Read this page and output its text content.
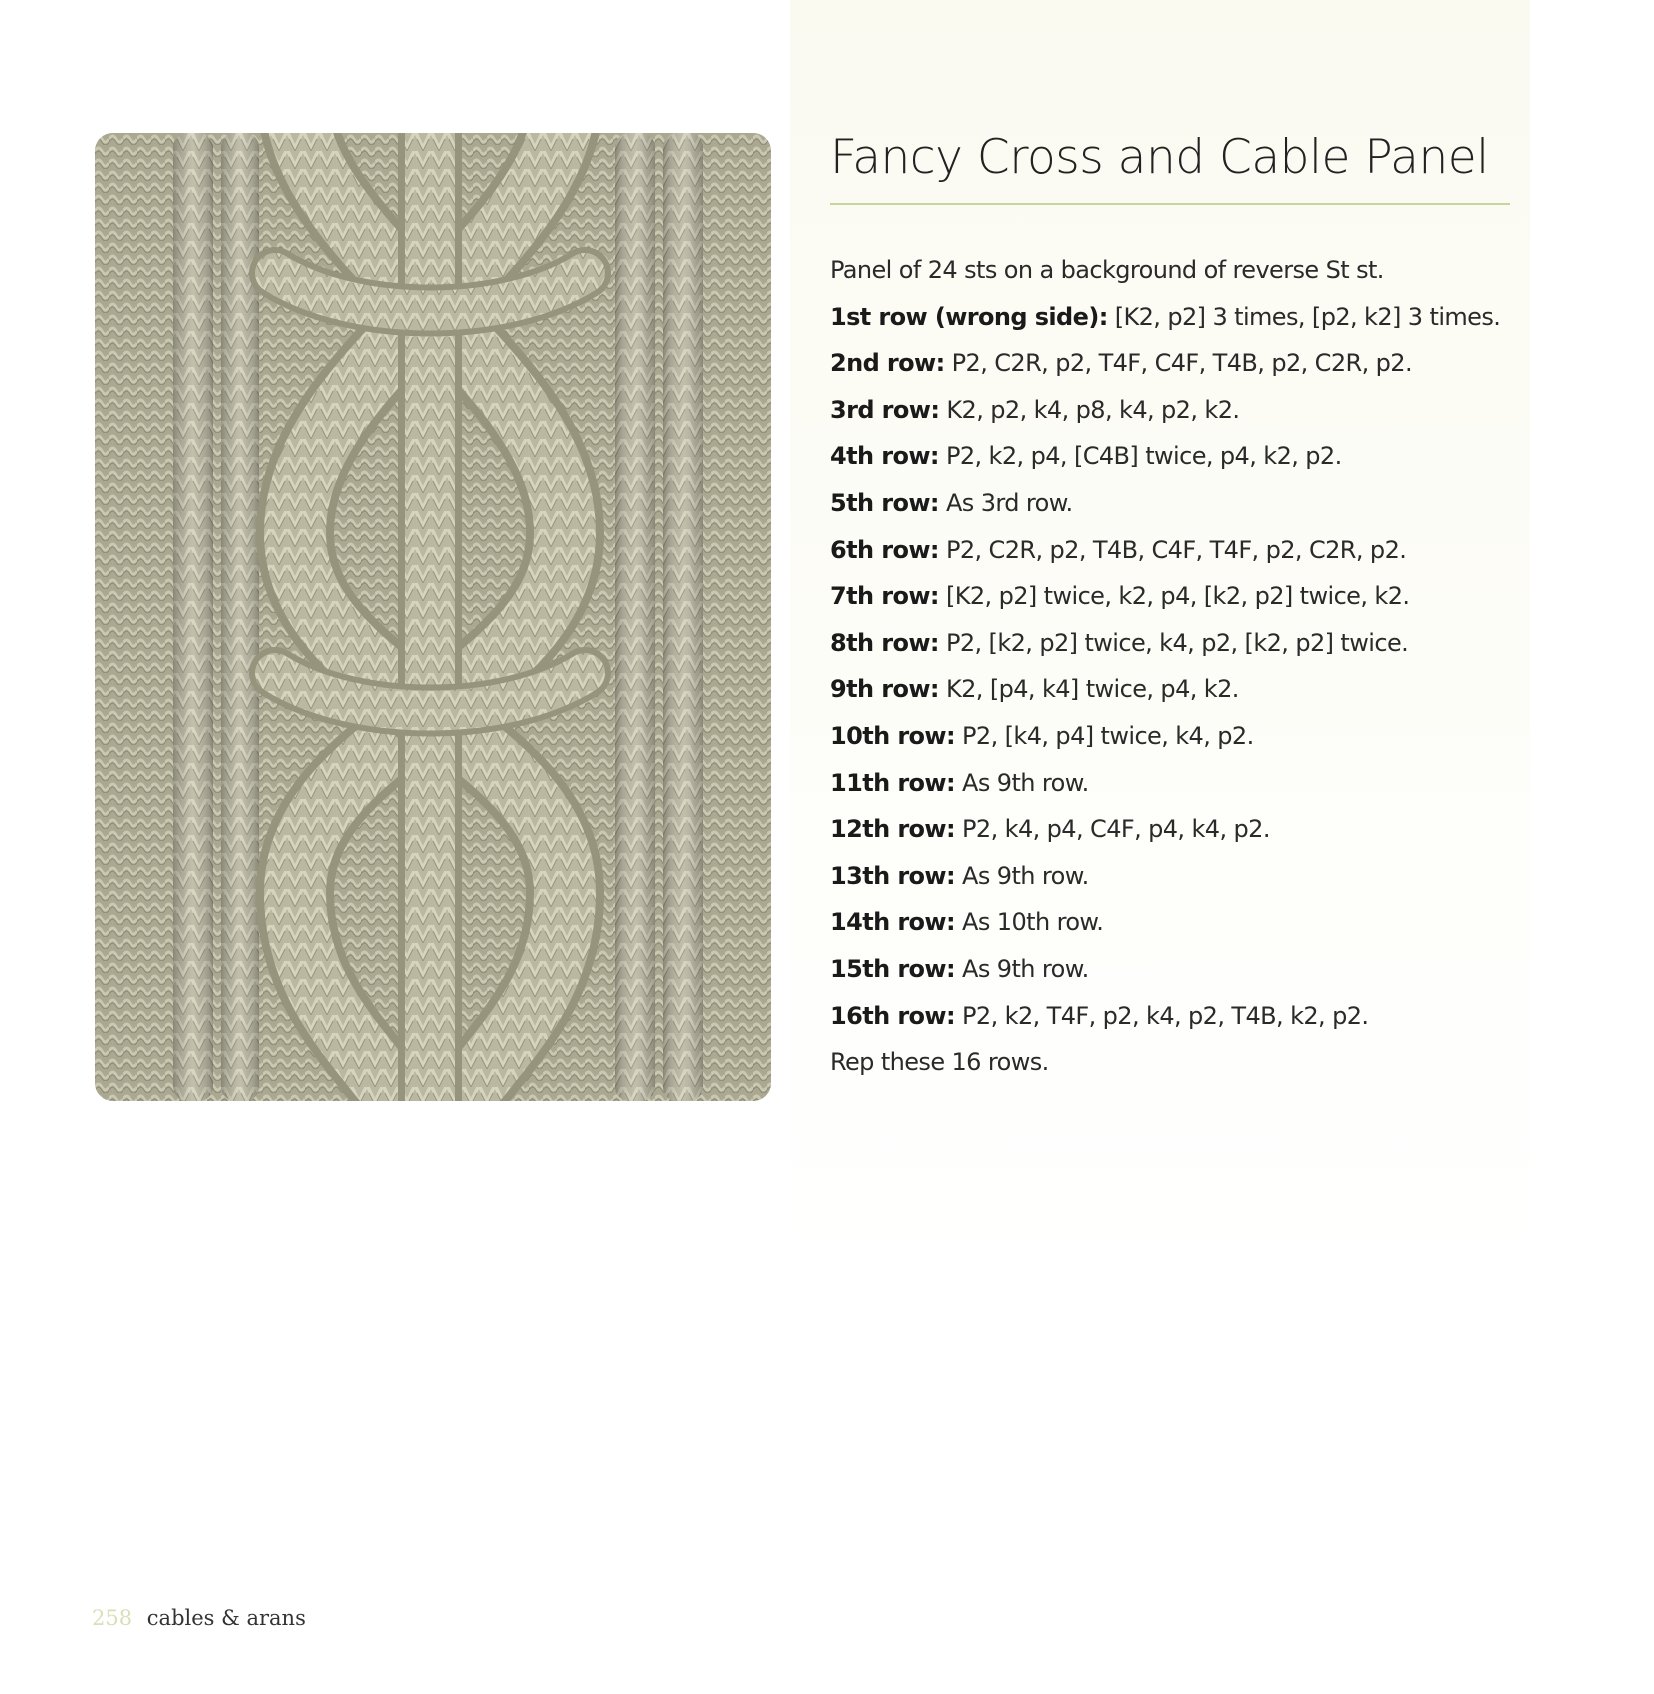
Fancy Cross and Cable Panel
Panel of 24 sts on a background of reverse St st.
1st row (wrong side): [K2, p2] 3 times, [p2, k2] 3 times.
2nd row: P2, C2R, p2, T4F, C4F, T4B, p2, C2R, p2.
3rd row: K2, p2, k4, p8, k4, p2, k2.
4th row: P2, k2, p4, [C4B] twice, p4, k2, p2.
5th row: As 3rd row.
6th row: P2, C2R, p2, T4B, C4F, T4F, p2, C2R, p2.
7th row: [K2, p2] twice, k2, p4, [k2, p2] twice, k2.
8th row: P2, [k2, p2] twice, k4, p2, [k2, p2] twice.
9th row: K2, [p4, k4] twice, p4, k2.
10th row: P2, [k4, p4] twice, k4, p2.
11th row: As 9th row.
12th row: P2, k4, p4, C4F, p4, k4, p2.
13th row: As 9th row.
14th row: As 10th row.
15th row: As 9th row.
16th row: P2, k2, T4F, p2, k4, p2, T4B, k2, p2.
Rep these 16 rows.
258 cables & arans
